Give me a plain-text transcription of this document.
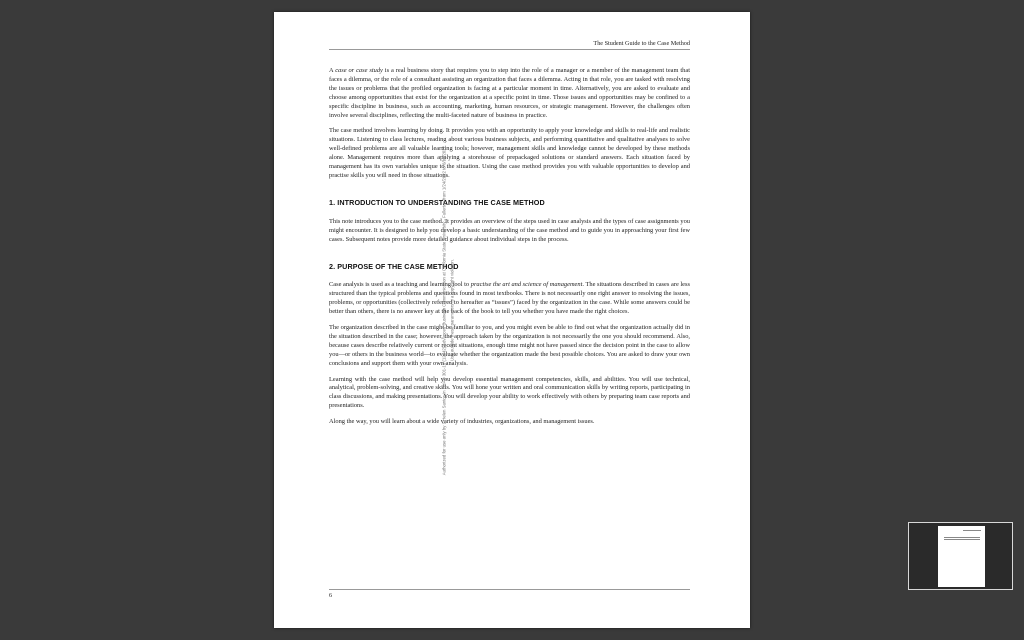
The Student Guide to the Case Method

A case or case study is a real business story that requires you to step into the role of a manager or a member of the management team that faces a dilemma, or the role of a consultant assisting an organization that faces a dilemma. Acting in that role, you are tasked with resolving the issues or problems that the profiled organization is facing at a particular moment in time. Alternatively, you are asked to evaluate and choose among opportunities that exist for the organization at a specific point in time. Those issues and opportunities may be confined to a specific discipline in business, such as accounting, marketing, human resources, or strategic management. However, the challenges often involve several disciplines, reflecting the multi-faceted nature of business in practice.

The case method involves learning by doing. It provides you with an opportunity to apply your knowledge and skills to real-life and realistic situations. Listening to class lectures, reading about various business subjects, and performing quantitative and qualitative analyses to solve well-defined problems are all valuable learning tools; however, management skills and knowledge cannot be developed by these methods alone. Management requires more than applying a storehouse of prepackaged solutions or standard answers. Each situation faced by management has its own variables unique to the situation. Using the case method provides you with valuable opportunities to develop and practise skills you will need in those situations.

1. INTRODUCTION TO UNDERSTANDING THE CASE METHOD

This note introduces you to the case method. It provides an overview of the steps used in case analysis and the types of case assignments you might encounter. It is designed to help you develop a basic understanding of the case method and to guide you in approaching your first few cases. Subsequent notes provide more detailed guidance about individual steps in the process.

2. PURPOSE OF THE CASE METHOD

Case analysis is used as a teaching and learning tool to practise the art and science of management. The situations described in cases are less structured than the typical problems and questions found in most textbooks. There is not necessarily one right answer to resolving the issues, problems, or opportunities (collectively referred to hereafter as “issues”) faced by the organization in the case. While some answers could be better than others, there is no answer key at the back of the book to tell you whether you have made the right choices.

The organization described in the case might be familiar to you, and you might even be able to find out what the organization actually did in the situation described in the case; however, the approach taken by the organization is not necessarily the one you should recommend. Also, because cases describe relatively current or recent situations, enough time might not have passed since the decision point in the case to allow you—or others in the business world—to evaluate whether the organization made the best possible choices. You are asked to draw your own conclusions and support them with your own analysis.

Learning with the case method will help you develop essential management competencies, skills, and abilities. You will use technical, analytical, problem-solving, and creative skills. You will hone your written and oral communication skills by writing reports, participating in class discussions, and making presentations. You will develop your ability to work effectively with others by preparing team case reports and presentations.

Along the way, you will learn about a wide variety of industries, organizations, and management issues.

6
Authorized for use only by 1 Helen Santos in BUAD 301-16 (12142) Advanced Business Communication at California State University - Fullerton from 1/24/2022 to 6/10/2022. Use outside these parameters is a copyright violation.
